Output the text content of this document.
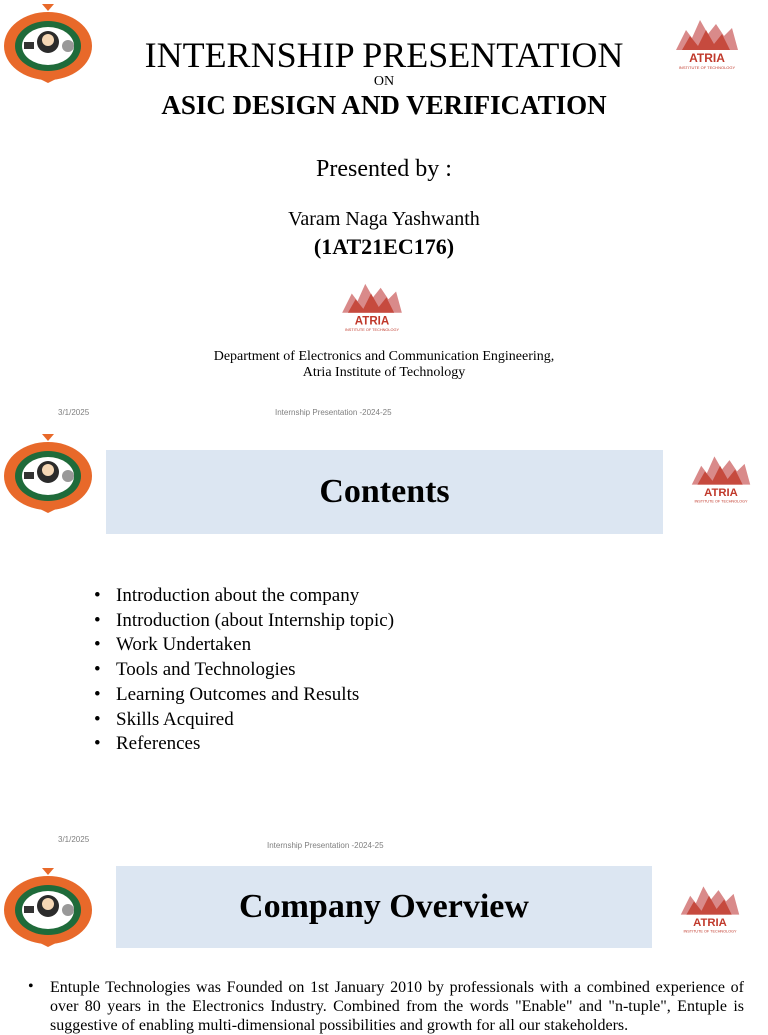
ATRIA
INSTITUTE OF TECHNOLOGY
INTERNSHIP PRESENTATION
ON
ASIC DESIGN AND VERIFICATION
Presented by :
Varam Naga Yashwanth
(1AT21EC176)
ATRIA
INSTITUTE OF TECHNOLOGY
Department of Electronics and Communication Engineering,
Atria Institute of Technology
3/1/2025	Internship Presentation -2024-25
Contents	ATRIA
INSTITUTE OF TECHNOLOGY
• Introduction about the company
• Introduction (about Internship topic)
• Work Undertaken
• Tools and Technologies
• Learning Outcomes and Results
• Skills Acquired
• References
3/1/2025
Internship Presentation -2024-25
Company Overview	ATRIA
INSTITUTE OF TECHNOLOGY
• Entuple Technologies was Founded on 1st January 2010 by professionals with a combined experience of over 80 years in the Electronics Industry. Combined from the words "Enable" and "n-tuple", Entuple is suggestive of enabling multi-dimensional possibilities and growth for all our stakeholders.
